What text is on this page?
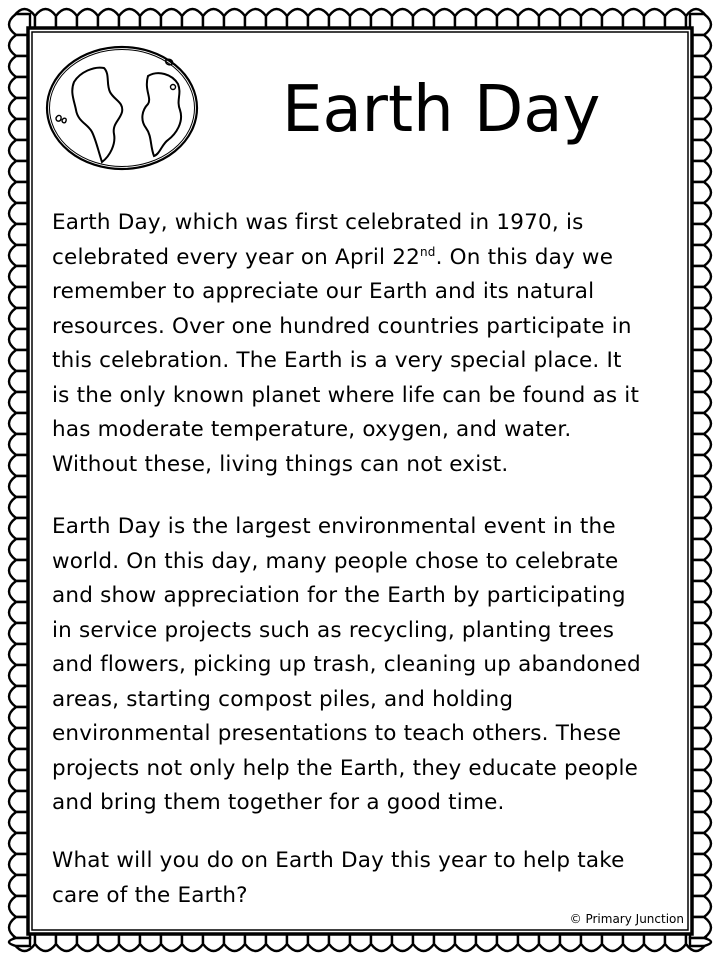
Earth Day

Earth Day, which was first celebrated in 1970, is
celebrated every year on April 22nd. On this day we
remember to appreciate our Earth and its natural
resources. Over one hundred countries participate in
this celebration. The Earth is a very special place. It
is the only known planet where life can be found as it
has moderate temperature, oxygen, and water.
Without these, living things can not exist.

Earth Day is the largest environmental event in the
world. On this day, many people chose to celebrate
and show appreciation for the Earth by participating
in service projects such as recycling, planting trees
and flowers, picking up trash, cleaning up abandoned
areas, starting compost piles, and holding
environmental presentations to teach others. These
projects not only help the Earth, they educate people
and bring them together for a good time.

What will you do on Earth Day this year to help take
care of the Earth?

© Primary Junction
